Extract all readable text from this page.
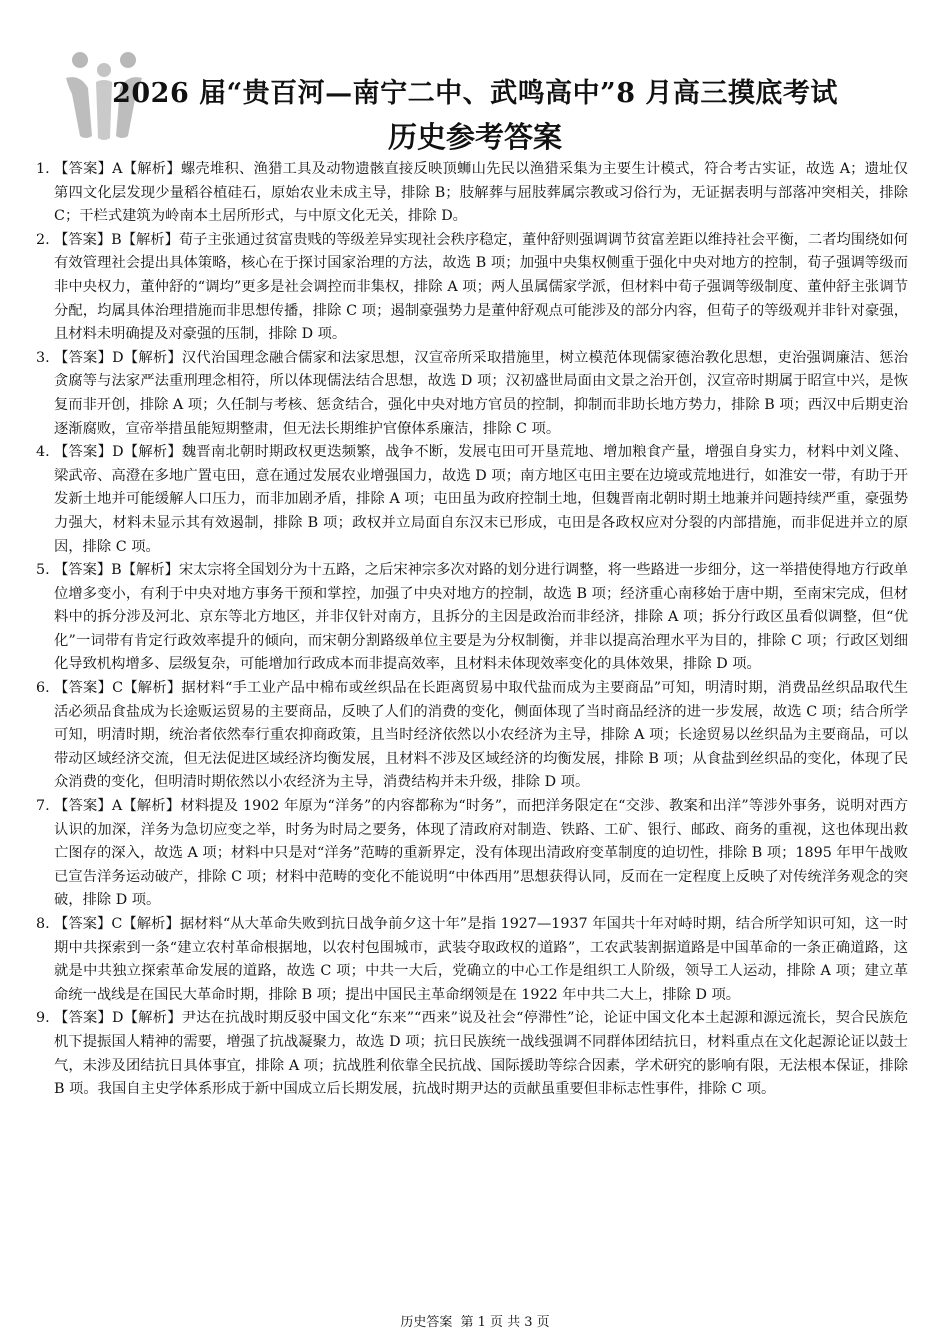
2026 届“贵百河—南宁二中、武鸣高中”8 月高三摸底考试
历史参考答案

1. 【答案】A【解析】螺壳堆积、渔猎工具及动物遗骸直接反映顶蛳山先民以渔猎采集为主要生计模式，符合考古实证，故选 A；遗址仅第四文化层发现少量稻谷植硅石，原始农业未成主导，排除 B；肢解葬与屈肢葬属宗教或习俗行为，无证据表明与部落冲突相关，排除 C；干栏式建筑为岭南本土居所形式，与中原文化无关，排除 D。

2. 【答案】B【解析】荀子主张通过贫富贵贱的等级差异实现社会秩序稳定，董仲舒则强调调节贫富差距以维持社会平衡，二者均围绕如何有效管理社会提出具体策略，核心在于探讨国家治理的方法，故选 B 项；加强中央集权侧重于强化中央对地方的控制，荀子强调等级而非中央权力，董仲舒的“调均”更多是社会调控而非集权，排除 A 项；两人虽属儒家学派，但材料中荀子强调等级制度、董仲舒主张调节分配，均属具体治理措施而非思想传播，排除 C 项；遏制豪强势力是董仲舒观点可能涉及的部分内容，但荀子的等级观并非针对豪强，且材料未明确提及对豪强的压制，排除 D 项。

3. 【答案】D【解析】汉代治国理念融合儒家和法家思想，汉宣帝所采取措施里，树立模范体现儒家德治教化思想，吏治强调廉洁、惩治贪腐等与法家严法重刑理念相符，所以体现儒法结合思想，故选 D 项；汉初盛世局面由文景之治开创，汉宣帝时期属于昭宣中兴，是恢复而非开创，排除 A 项；久任制与考核、惩贪结合，强化中央对地方官员的控制，抑制而非助长地方势力，排除 B 项；西汉中后期吏治逐渐腐败，宣帝举措虽能短期整肃，但无法长期维护官僚体系廉洁，排除 C 项。

4. 【答案】D【解析】魏晋南北朝时期政权更迭频繁，战争不断，发展屯田可开垦荒地、增加粮食产量，增强自身实力，材料中刘义隆、梁武帝、高澄在多地广置屯田，意在通过发展农业增强国力，故选 D 项；南方地区屯田主要在边境或荒地进行，如淮安一带，有助于开发新土地并可能缓解人口压力，而非加剧矛盾，排除 A 项；屯田虽为政府控制土地，但魏晋南北朝时期土地兼并问题持续严重，豪强势力强大，材料未显示其有效遏制，排除 B 项；政权并立局面自东汉末已形成，屯田是各政权应对分裂的内部措施，而非促进并立的原因，排除 C 项。

5. 【答案】B【解析】宋太宗将全国划分为十五路，之后宋神宗多次对路的划分进行调整，将一些路进一步细分，这一举措使得地方行政单位增多变小，有利于中央对地方事务干预和掌控，加强了中央对地方的控制，故选 B 项；经济重心南移始于唐中期，至南宋完成，但材料中的拆分涉及河北、京东等北方地区，并非仅针对南方，且拆分的主因是政治而非经济，排除 A 项；拆分行政区虽看似调整，但“优化”一词带有肯定行政效率提升的倾向，而宋朝分割路级单位主要是为分权制衡，并非以提高治理水平为目的，排除 C 项；行政区划细化导致机构增多、层级复杂，可能增加行政成本而非提高效率，且材料未体现效率变化的具体效果，排除 D 项。

6. 【答案】C【解析】据材料“手工业产品中棉布或丝织品在长距离贸易中取代盐而成为主要商品”可知，明清时期，消费品丝织品取代生活必须品食盐成为长途贩运贸易的主要商品，反映了人们的消费的变化，侧面体现了当时商品经济的进一步发展，故选 C 项；结合所学可知，明清时期，统治者依然奉行重农抑商政策，且当时经济依然以小农经济为主导，排除 A 项；长途贸易以丝织品为主要商品，可以带动区域经济交流，但无法促进区域经济均衡发展，且材料不涉及区域经济的均衡发展，排除 B 项；从食盐到丝织品的变化，体现了民众消费的变化，但明清时期依然以小农经济为主导，消费结构并未升级，排除 D 项。

7. 【答案】A【解析】材料提及 1902 年原为“洋务”的内容都称为“时务”，而把洋务限定在“交涉、教案和出洋”等涉外事务，说明对西方认识的加深，洋务为急切应变之举，时务为时局之要务，体现了清政府对制造、铁路、工矿、银行、邮政、商务的重视，这也体现出救亡图存的深入，故选 A 项；材料中只是对“洋务”范畴的重新界定，没有体现出清政府变革制度的迫切性，排除 B 项；1895 年甲午战败已宣告洋务运动破产，排除 C 项；材料中范畴的变化不能说明“中体西用”思想获得认同，反而在一定程度上反映了对传统洋务观念的突破，排除 D 项。

8. 【答案】C【解析】据材料“从大革命失败到抗日战争前夕这十年”是指 1927—1937 年国共十年对峙时期，结合所学知识可知，这一时期中共探索到一条“建立农村革命根据地，以农村包围城市，武装夺取政权的道路”，工农武装割据道路是中国革命的一条正确道路，这就是中共独立探索革命发展的道路，故选 C 项；中共一大后，党确立的中心工作是组织工人阶级，领导工人运动，排除 A 项；建立革命统一战线是在国民大革命时期，排除 B 项；提出中国民主革命纲领是在 1922 年中共二大上，排除 D 项。

9. 【答案】D【解析】尹达在抗战时期反驳中国文化“东来”“西来”说及社会“停滞性”论，论证中国文化本土起源和源远流长，契合民族危机下提振国人精神的需要，增强了抗战凝聚力，故选 D 项；抗日民族统一战线强调不同群体团结抗日，材料重点在文化起源论证以鼓士气，未涉及团结抗日具体事宜，排除 A 项；抗战胜利依靠全民抗战、国际援助等综合因素，学术研究的影响有限，无法根本保证，排除 B 项。我国自主史学体系形成于新中国成立后长期发展，抗战时期尹达的贡献虽重要但非标志性事件，排除 C 项。

历史答案 第 1 页 共 3 页
